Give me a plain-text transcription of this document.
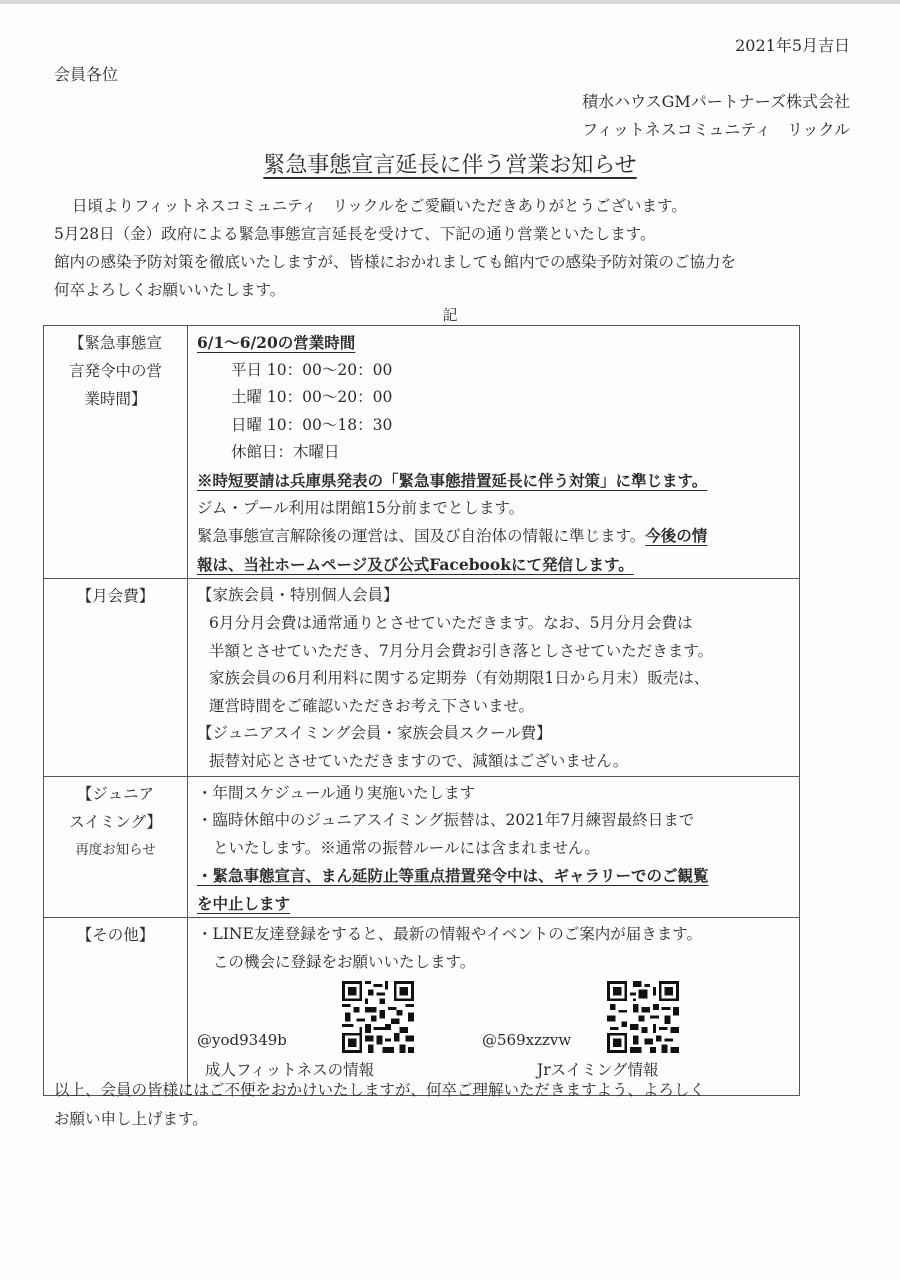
2021年5月吉日
会員各位
積水ハウスGMパートナーズ株式会社
フィットネスコミュニティ　リックル
緊急事態宣言延長に伴う営業お知らせ

日頃よりフィットネスコミュニティ　リックルをご愛顧いただきありがとうございます。

5月28日（金）政府による緊急事態宣言延長を受けて、下記の通り営業といたします。

館内の感染予防対策を徹底いたしますが、皆様におかれましても館内での感染予防対策のご協力を

何卒よろしくお願いいたします。

記
【緊急事態宣
言発令中の営
業時間】

6/1～6/20の営業時間
平日 10：00～20：00
土曜 10：00～20：00
日曜 10：00～18：30
休館日：木曜日
※時短要請は兵庫県発表の「緊急事態措置延長に伴う対策」に準じます。
ジム・プール利用は閉館15分前までとします。
緊急事態宣言解除後の運営は、国及び自治体の情報に準じます。今後の情
報は、当社ホームページ及び公式Facebookにて発信します。

【月会費】	【家族会員・特別個人会員】
6月分月会費は通常通りとさせていただきます。なお、5月分月会費は
半額とさせていただき、7月分月会費お引き落としさせていただきます。
家族会員の6月利用料に関する定期券（有効期限1日から月末）販売は、
運営時間をご確認いただきお考え下さいませ。
【ジュニアスイミング会員・家族会員スクール費】
振替対応とさせていただきますので、減額はございません。

【ジュニア
スイミング】
再度お知らせ

・年間スケジュール通り実施いたします
・臨時休館中のジュニアスイミング振替は、2021年7月練習最終日まで
といたします。※通常の振替ルールには含まれません。
・緊急事態宣言、まん延防止等重点措置発令中は、ギャラリーでのご観覧
を中止します

【その他】	・LINE友達登録をすると、最新の情報やイベントのご案内が届きます。
この機会に登録をお願いいたします。
@yod9349b	@569xzzvw
成人フィットネスの情報	Jrスイミング情報

以上、会員の皆様にはご不便をおかけいたしますが、何卒ご理解いただきますよう、よろしく

お願い申し上げます。
